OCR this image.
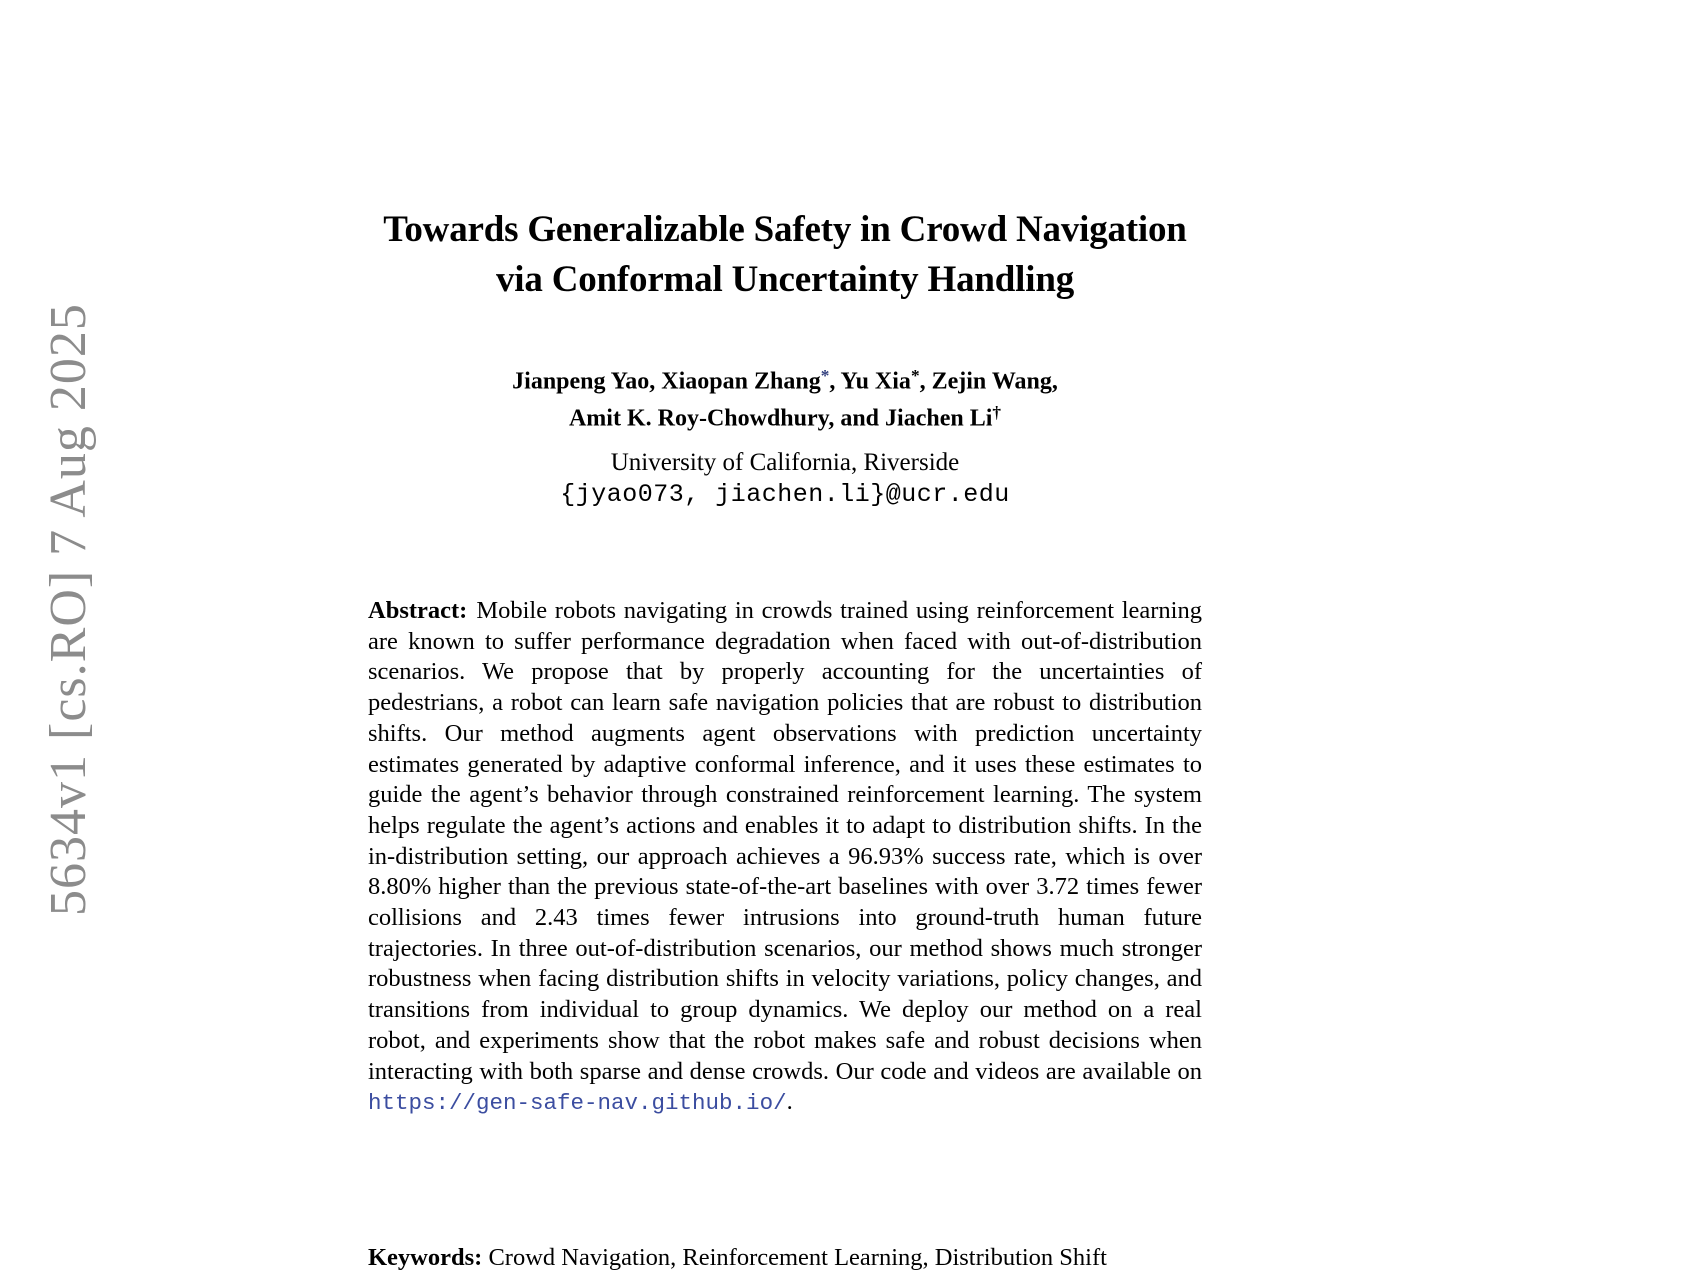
5634v1 [cs.RO] 7 Aug 2025
Towards Generalizable Safety in Crowd Navigation
via Conformal Uncertainty Handling
Jianpeng Yao, Xiaopan Zhang*, Yu Xia*, Zejin Wang,
Amit K. Roy-Chowdhury, and Jiachen Li†
University of California, Riverside
{jyao073, jiachen.li}@ucr.edu

Abstract: Mobile robots navigating in crowds trained using reinforcement learning are known to suffer performance degradation when faced with out-of-distribution scenarios. We propose that by properly accounting for the uncertainties of pedestrians, a robot can learn safe navigation policies that are robust to distribution shifts. Our method augments agent observations with prediction uncertainty estimates generated by adaptive conformal inference, and it uses these estimates to guide the agent’s behavior through constrained reinforcement learning. The system helps regulate the agent’s actions and enables it to adapt to distribution shifts. In the in-distribution setting, our approach achieves a 96.93% success rate, which is over 8.80% higher than the previous state-of-the-art baselines with over 3.72 times fewer collisions and 2.43 times fewer intrusions into ground-truth human future trajectories. In three out-of-distribution scenarios, our method shows much stronger robustness when facing distribution shifts in velocity variations, policy changes, and transitions from individual to group dynamics. We deploy our method on a real robot, and experiments show that the robot makes safe and robust decisions when interacting with both sparse and dense crowds. Our code and videos are available on https://gen-safe-nav.github.io/.

Keywords: Crowd Navigation, Reinforcement Learning, Distribution Shift
